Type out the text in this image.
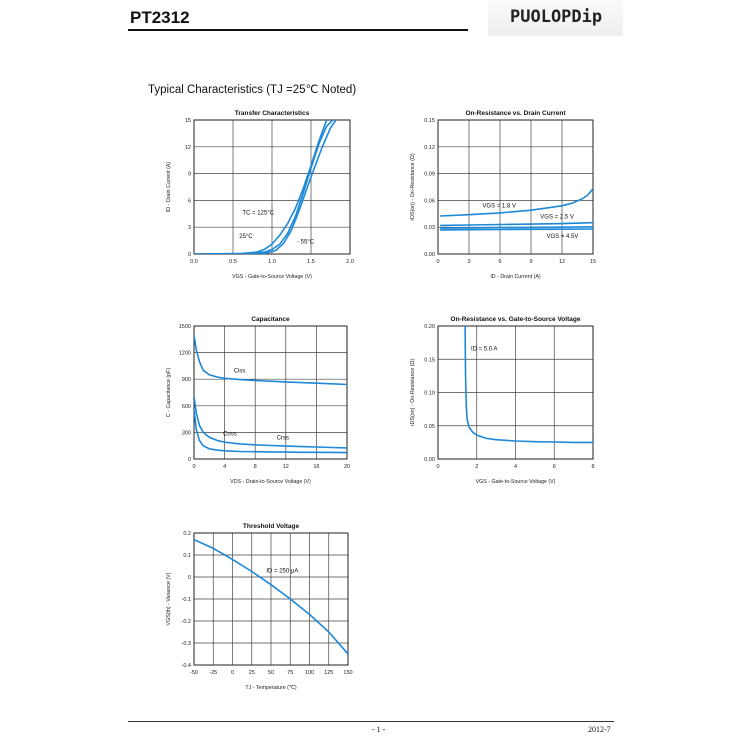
PT2312	PUOLOPDip
Typical Characteristics (TJ =25℃ Noted)
0.0	0.5	1.0	1.5	2.0
0
3
6
9
12
15
Transfer Characteristics
VGS - Gate-to-Source Voltage (V)
ID - Drain Current (A)
TC = 125°C
25°C
- 55°C
0	3	6	9	12	15
0.00
0.03
0.06
0.09
0.12
0.15
On-Resistance vs. Drain Current
ID - Drain Current (A)
rDS(on) - On-Resistance (Ω)	VGS = 1.8 V
VGS = 2.5 V
VGS = 4.5V
0	4	8	12	16	20
0
300
600
900
1200
1500
Capacitance
VDS - Drain-to-Source Voltage (V)
C - Capacitance (pF)	Ciss
Coss
Crss
0	2	4	6	8
0.00
0.05
0.10
0.15
0.20
On-Resistance vs. Gate-to-Source Voltage
VGS - Gate-to-Source Voltage (V)
rDS(on) - On-Resistance (Ω)
ID = 5.0 A
-50 -25 0	25 50 75 100 125 150
-0.4
-0.3
-0.2
-0.1
0
0.1
0.2
Threshold Voltage
TJ - Temperature (℃)
VGS(th) - Variance (V)
ID = 250 µA
- 1 -	2012-7
